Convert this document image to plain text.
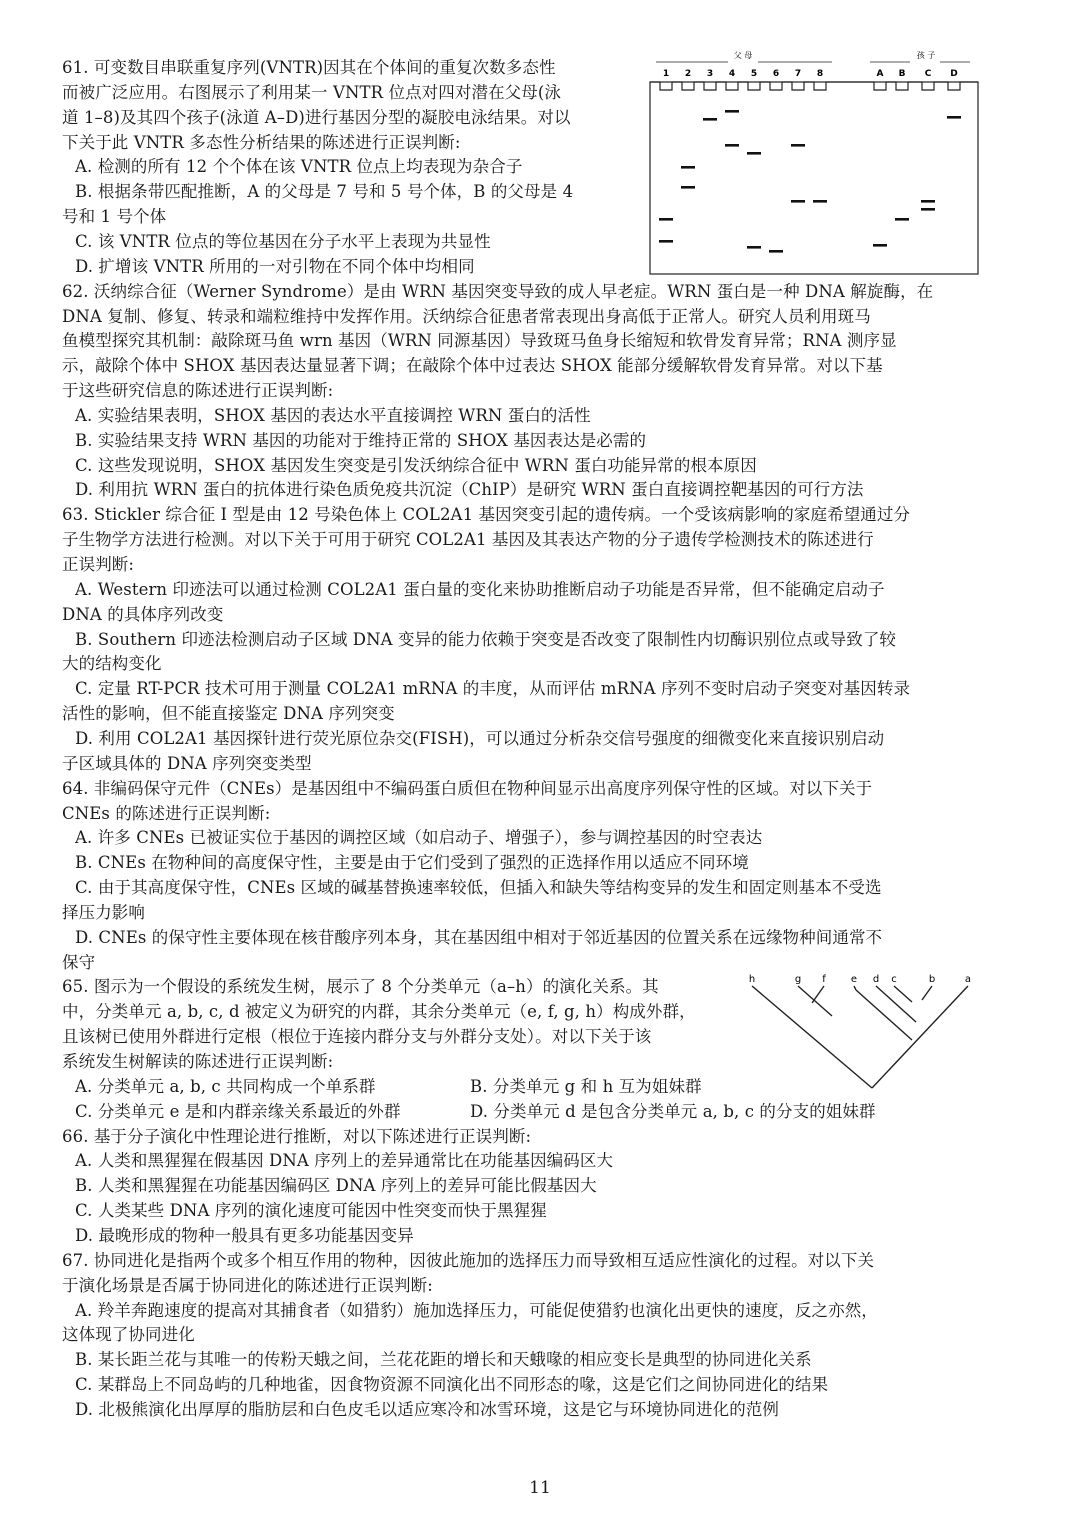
61. 可变数目串联重复序列(VNTR)因其在个体间的重复次数多态性
而被广泛应用。右图展示了利用某一 VNTR 位点对四对潜在父母(泳
道 1–8)及其四个孩子(泳道 A–D)进行基因分型的凝胶电泳结果。对以
下关于此 VNTR 多态性分析结果的陈述进行正误判断:
A. 检测的所有 12 个个体在该 VNTR 位点上均表现为杂合子
B. 根据条带匹配推断，A 的父母是 7 号和 5 号个体，B 的父母是 4
号和 1 号个体
C. 该 VNTR 位点的等位基因在分子水平上表现为共显性
D. 扩增该 VNTR 所用的一对引物在不同个体中均相同
62. 沃纳综合征（Werner Syndrome）是由 WRN 基因突变导致的成人早老症。WRN 蛋白是一种 DNA 解旋酶，在
DNA 复制、修复、转录和端粒维持中发挥作用。沃纳综合征患者常表现出身高低于正常人。研究人员利用斑马
鱼模型探究其机制：敲除斑马鱼 wrn 基因（WRN 同源基因）导致斑马鱼身长缩短和软骨发育异常；RNA 测序显
示，敲除个体中 SHOX 基因表达量显著下调；在敲除个体中过表达 SHOX 能部分缓解软骨发育异常。对以下基
于这些研究信息的陈述进行正误判断:
A. 实验结果表明，SHOX 基因的表达水平直接调控 WRN 蛋白的活性
B. 实验结果支持 WRN 基因的功能对于维持正常的 SHOX 基因表达是必需的
C. 这些发现说明，SHOX 基因发生突变是引发沃纳综合征中 WRN 蛋白功能异常的根本原因
D. 利用抗 WRN 蛋白的抗体进行染色质免疫共沉淀（ChIP）是研究 WRN 蛋白直接调控靶基因的可行方法
63. Stickler 综合征 I 型是由 12 号染色体上 COL2A1 基因突变引起的遗传病。一个受该病影响的家庭希望通过分
子生物学方法进行检测。对以下关于可用于研究 COL2A1 基因及其表达产物的分子遗传学检测技术的陈述进行
正误判断:
A. Western 印迹法可以通过检测 COL2A1 蛋白量的变化来协助推断启动子功能是否异常，但不能确定启动子
DNA 的具体序列改变
B. Southern 印迹法检测启动子区域 DNA 变异的能力依赖于突变是否改变了限制性内切酶识别位点或导致了较
大的结构变化
C. 定量 RT-PCR 技术可用于测量 COL2A1 mRNA 的丰度，从而评估 mRNA 序列不变时启动子突变对基因转录
活性的影响，但不能直接鉴定 DNA 序列突变
D. 利用 COL2A1 基因探针进行荧光原位杂交(FISH)，可以通过分析杂交信号强度的细微变化来直接识别启动
子区域具体的 DNA 序列突变类型
64. 非编码保守元件（CNEs）是基因组中不编码蛋白质但在物种间显示出高度序列保守性的区域。对以下关于
CNEs 的陈述进行正误判断:
A. 许多 CNEs 已被证实位于基因的调控区域（如启动子、增强子），参与调控基因的时空表达
B. CNEs 在物种间的高度保守性，主要是由于它们受到了强烈的正选择作用以适应不同环境
C. 由于其高度保守性，CNEs 区域的碱基替换速率较低，但插入和缺失等结构变异的发生和固定则基本不受选
择压力影响
D. CNEs 的保守性主要体现在核苷酸序列本身，其在基因组中相对于邻近基因的位置关系在远缘物种间通常不
保守
65. 图示为一个假设的系统发生树，展示了 8 个分类单元（a–h）的演化关系。其
中，分类单元 a, b, c, d 被定义为研究的内群，其余分类单元（e, f, g, h）构成外群，
且该树已使用外群进行定根（根位于连接内群分支与外群分支处）。对以下关于该
系统发生树解读的陈述进行正误判断:
A. 分类单元 a, b, c 共同构成一个单系群	B. 分类单元 g 和 h 互为姐妹群
C. 分类单元 e 是和内群亲缘关系最近的外群	D. 分类单元 d 是包含分类单元 a, b, c 的分支的姐妹群
66. 基于分子演化中性理论进行推断，对以下陈述进行正误判断:
A. 人类和黑猩猩在假基因 DNA 序列上的差异通常比在功能基因编码区大
B. 人类和黑猩猩在功能基因编码区 DNA 序列上的差异可能比假基因大
C. 人类某些 DNA 序列的演化速度可能因中性突变而快于黑猩猩
D. 最晚形成的物种一般具有更多功能基因变异
67. 协同进化是指两个或多个相互作用的物种，因彼此施加的选择压力而导致相互适应性演化的过程。对以下关
于演化场景是否属于协同进化的陈述进行正误判断:
A. 羚羊奔跑速度的提高对其捕食者（如猎豹）施加选择压力，可能促使猎豹也演化出更快的速度，反之亦然，
这体现了协同进化
B. 某长距兰花与其唯一的传粉天蛾之间，兰花花距的增长和天蛾喙的相应变长是典型的协同进化关系
C. 某群岛上不同岛屿的几种地雀，因食物资源不同演化出不同形态的喙，这是它们之间协同进化的结果
D. 北极熊演化出厚厚的脂肪层和白色皮毛以适应寒冷和冰雪环境，这是它与环境协同进化的范例
父 母	孩 子
1 2 3 4 5 6 7 8	A B C D
h	g f	e d c	b	a
11
